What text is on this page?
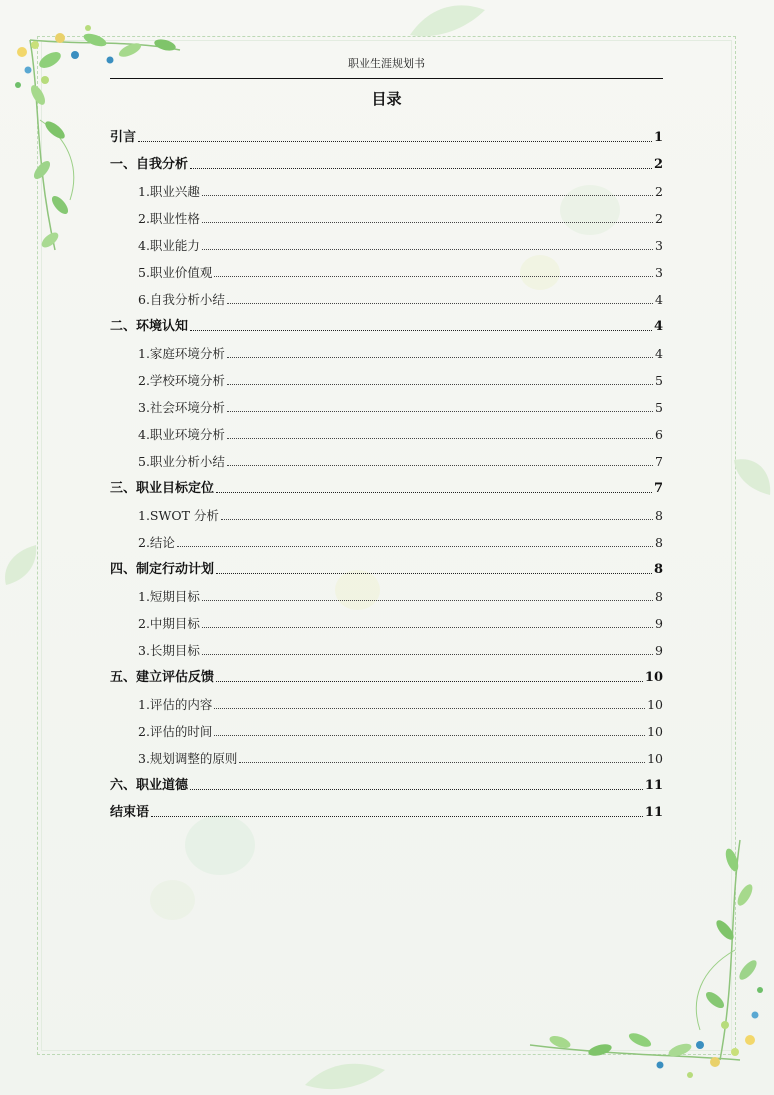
职业生涯规划书
目录
引言	1
一、自我分析	2
1.职业兴趣	2
2.职业性格	2
4.职业能力	3
5.职业价值观	3
6.自我分析小结	4
二、环境认知	4
1.家庭环境分析	4
2.学校环境分析	5
3.社会环境分析	5
4.职业环境分析	6
5.职业分析小结	7
三、职业目标定位	7
1.SWOT 分析	8
2.结论	8
四、制定行动计划	8
1.短期目标	8
2.中期目标	9
3.长期目标	9
五、建立评估反馈	10
1.评估的内容	10
2.评估的时间	10
3.规划调整的原则	10
六、职业道德	11
结束语	11
